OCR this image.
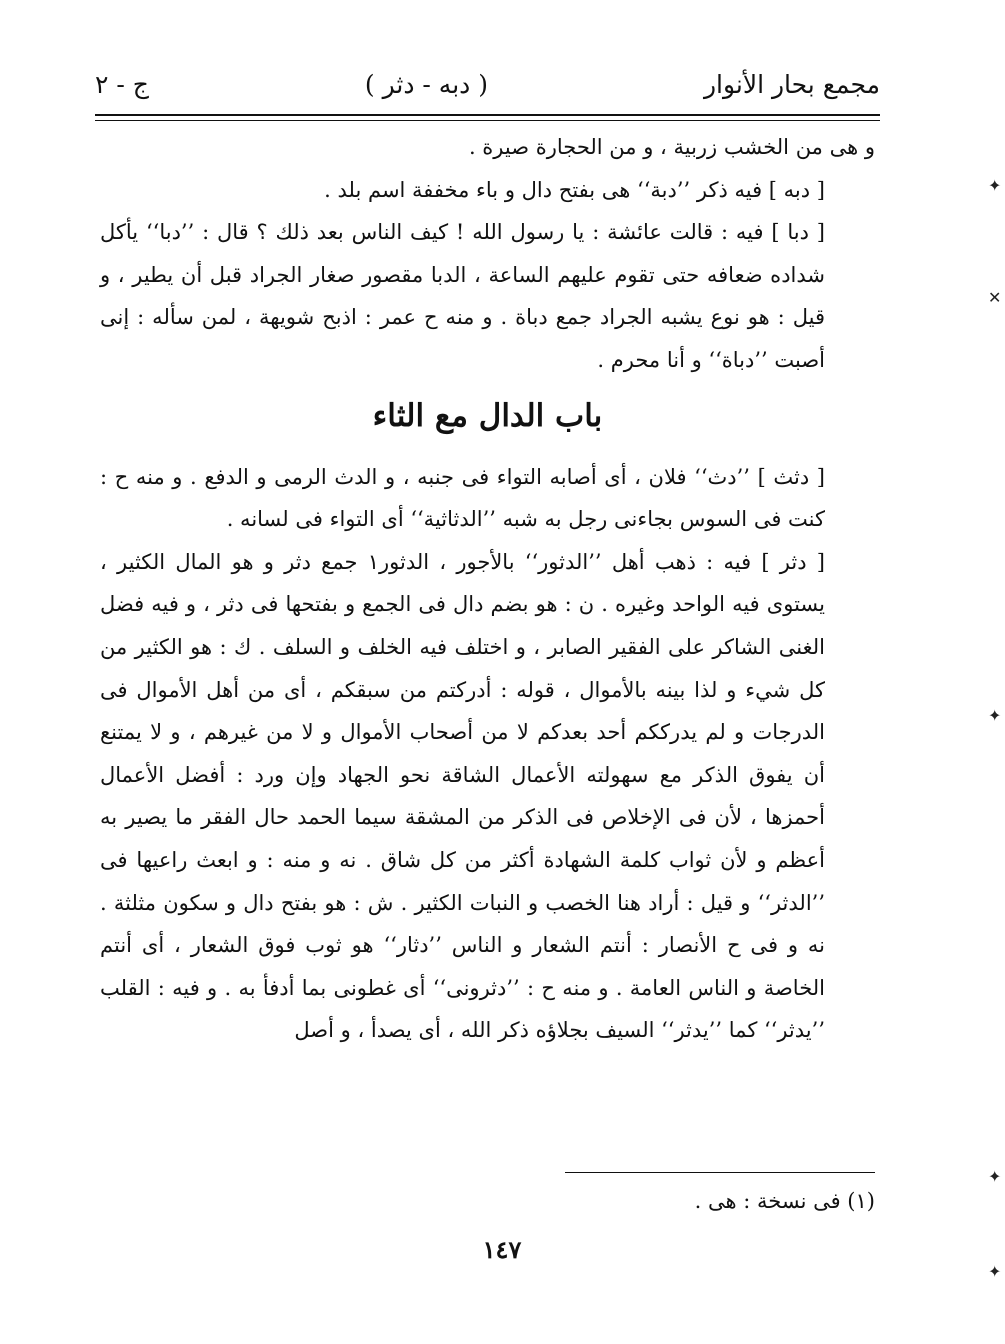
مجمع بحار الأنوار
( دبه - دثر )
ج - ٢

و هى من الخشب زربية ، و من الحجارة صيرة .

[ دبه ] فيه ذكر ’’دبة‘‘ هى بفتح دال و باء مخففة اسم بلد .

[ دبا ] فيه : قالت عائشة : يا رسول الله ! كيف الناس بعد ذلك ؟ قال : ’’دبا‘‘ يأكل شداده ضعافه حتى تقوم عليهم الساعة ، الدبا مقصور صغار الجراد قبل أن يطير ، و قيل : هو نوع يشبه الجراد جمع دباة . و منه ح عمر : اذبح شويهة ، لمن سأله : إنى أصبت ’’دباة‘‘ و أنا محرم .

باب الدال مع الثاء

[ دثث ] ’’دث‘‘ فلان ، أى أصابه التواء فى جنبه ، و الدث الرمى و الدفع . و منه ح : كنت فى السوس بجاءنى رجل به شبه ’’الدثاثية‘‘ أى التواء فى لسانه .

[ دثر ] فيه : ذهب أهل ’’الدثور‘‘ بالأجور ، الدثور١ جمع دثر و هو المال الكثير ، يستوى فيه الواحد وغيره . ن : هو بضم دال فى الجمع و بفتحها فى دثر ، و فيه فضل الغنى الشاكر على الفقير الصابر ، و اختلف فيه الخلف و السلف . ك : هو الكثير من كل شيء و لذا بينه بالأموال ، قوله : أدركتم من سبقكم ، أى من أهل الأموال فى الدرجات و لم يدرككم أحد بعدكم لا من أصحاب الأموال و لا من غيرهم ، و لا يمتنع أن يفوق الذكر مع سهولته الأعمال الشاقة نحو الجهاد وإن ورد : أفضل الأعمال أحمزها ، لأن فى الإخلاص فى الذكر من المشقة سيما الحمد حال الفقر ما يصير به أعظم و لأن ثواب كلمة الشهادة أكثر من كل شاق . نه و منه : و ابعث راعيها فى ’’الدثر‘‘ و قيل : أراد هنا الخصب و النبات الكثير . ش : هو بفتح دال و سكون مثلثة . نه و فى ح الأنصار : أنتم الشعار و الناس ’’دثار‘‘ هو ثوب فوق الشعار ، أى أنتم الخاصة و الناس العامة . و منه ح : ’’دثرونى‘‘ أى غطونى بما أدفأ به . و فيه : القلب ’’يدثر‘‘ كما ’’يدثر‘‘ السيف بجلاؤه ذكر الله ، أى يصدأ ، و أصل

(١) فى نسخة : هى .
١٤٧
✦
✕
✦
✦
✦
